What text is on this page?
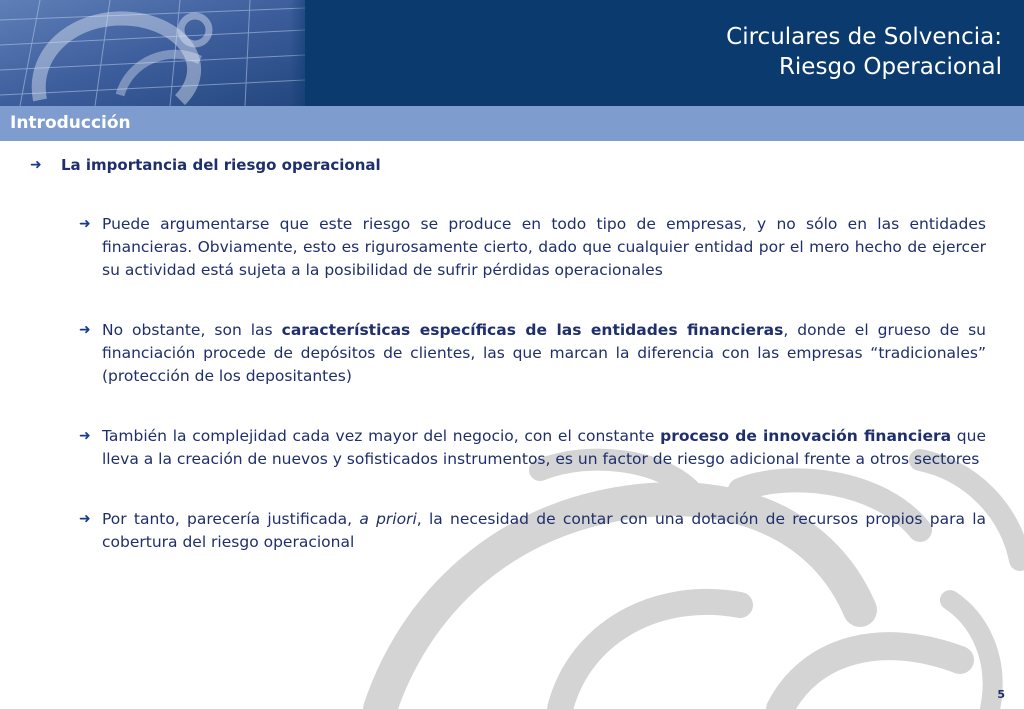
Circulares de Solvencia:
Riesgo Operacional
Introducción
➜ La importancia del riesgo operacional
➜ Puede argumentarse que este riesgo se produce en todo tipo de empresas, y no sólo en las entidades financieras. Obviamente, esto es rigurosamente cierto, dado que cualquier entidad por el mero hecho de ejercer su actividad está sujeta a la posibilidad de sufrir pérdidas operacionales
➜ No obstante, son las características específicas de las entidades financieras, donde el grueso de su financiación procede de depósitos de clientes, las que marcan la diferencia con las empresas “tradicionales” (protección de los depositantes)
➜ También la complejidad cada vez mayor del negocio, con el constante proceso de innovación financiera que lleva a la creación de nuevos y sofisticados instrumentos, es un factor de riesgo adicional frente a otros sectores
➜ Por tanto, parecería justificada, a priori, la necesidad de contar con una dotación de recursos propios para la cobertura del riesgo operacional
5
